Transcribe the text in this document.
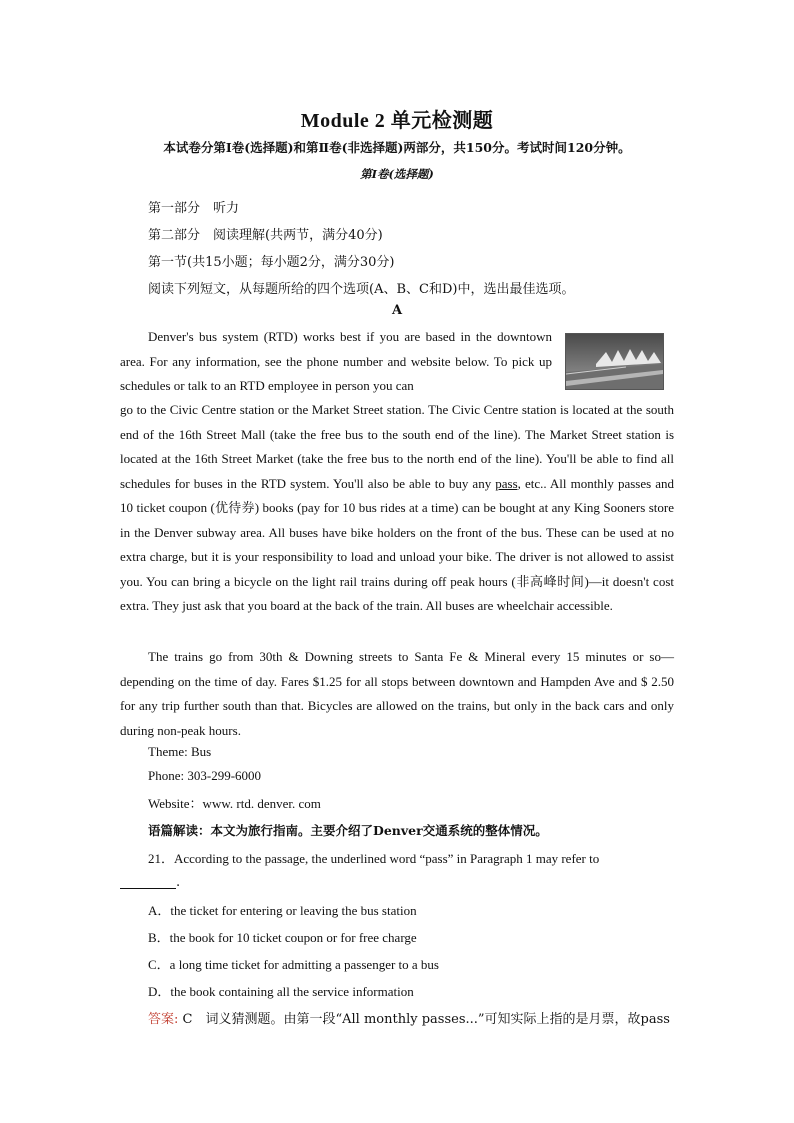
Module 2 单元检测题
本试卷分第Ⅰ卷(选择题)和第Ⅱ卷(非选择题)两部分，共150分。考试时间120分钟。
第Ⅰ卷(选择题)
第一部分　听力
第二部分　阅读理解(共两节，满分40分)
第一节(共15小题；每小题2分，满分30分)
阅读下列短文，从每题所给的四个选项(A、B、C和D)中，选出最佳选项。
A
Denver's bus system (RTD) works best if you are based in the downtown area. For any information, see the phone number and website below. To pick up schedules or talk to an RTD employee in person you can
go to the Civic Centre station or the Market Street station. The Civic Centre station is located at the south end of the 16th Street Mall (take the free bus to the south end of the line). The Market Street station is located at the 16th Street Market (take the free bus to the north end of the line). You'll be able to find all schedules for buses in the RTD system. You'll also be able to buy any pass, etc.. All monthly passes and 10 ticket coupon (优待券) books (pay for 10 bus rides at a time) can be bought at any King Sooners store in the Denver subway area. All buses have bike holders on the front of the bus. These can be used at no extra charge, but it is your responsibility to load and unload your bike. The driver is not allowed to assist you. You can bring a bicycle on the light rail trains during off peak hours (非高峰时间)—it doesn't cost extra. They just ask that you board at the back of the train. All buses are wheelchair accessible.
The trains go from 30th & Downing streets to Santa Fe & Mineral every 15 minutes or so—depending on the time of day. Fares $1.25 for all stops between downtown and Hampden Ave and $ 2.50 for any trip further south than that. Bicycles are allowed on the trains, but only in the back cars and only during non-peak hours.
Theme: Bus
Phone: 303-299-6000
Website：www. rtd. denver. com
语篇解读：本文为旅行指南。主要介绍了Denver交通系统的整体情况。
21．According to the passage, the underlined word “pass” in Paragraph 1 may refer to
.
A．the ticket for entering or leaving the bus station
B．the book for 10 ticket coupon or for free charge
C．a long time ticket for admitting a passenger to a bus
D．the book containing all the service information
答案: C　词义猜测题。由第一段“All monthly passes...”可知实际上指的是月票，故pass
